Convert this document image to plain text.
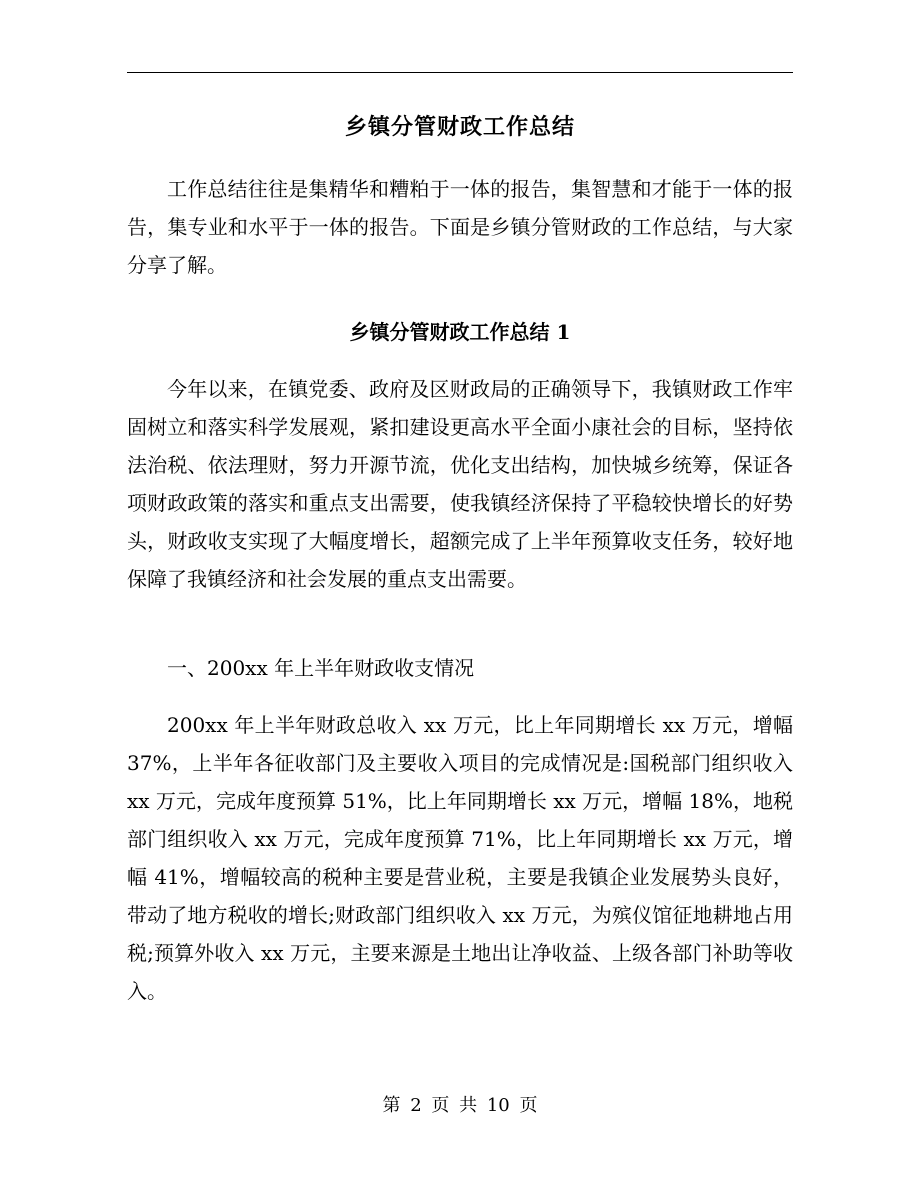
乡镇分管财政工作总结

工作总结往往是集精华和糟粕于一体的报告，集智慧和才能于一体的报告，集专业和水平于一体的报告。下面是乡镇分管财政的工作总结，与大家分享了解。

乡镇分管财政工作总结 1

今年以来，在镇党委、政府及区财政局的正确领导下，我镇财政工作牢固树立和落实科学发展观，紧扣建设更高水平全面小康社会的目标，坚持依法治税、依法理财，努力开源节流，优化支出结构，加快城乡统筹，保证各项财政政策的落实和重点支出需要，使我镇经济保持了平稳较快增长的好势头，财政收支实现了大幅度增长，超额完成了上半年预算收支任务，较好地保障了我镇经济和社会发展的重点支出需要。

一、200xx 年上半年财政收支情况

200xx 年上半年财政总收入 xx 万元，比上年同期增长 xx 万元，增幅 37%，上半年各征收部门及主要收入项目的完成情况是:国税部门组织收入 xx 万元，完成年度预算 51%，比上年同期增长 xx 万元，增幅 18%，地税部门组织收入 xx 万元，完成年度预算 71%，比上年同期增长 xx 万元，增幅 41%，增幅较高的税种主要是营业税，主要是我镇企业发展势头良好，带动了地方税收的增长;财政部门组织收入 xx 万元，为殡仪馆征地耕地占用税;预算外收入 xx 万元，主要来源是土地出让净收益、上级各部门补助等收入。

第 2 页 共 10 页
